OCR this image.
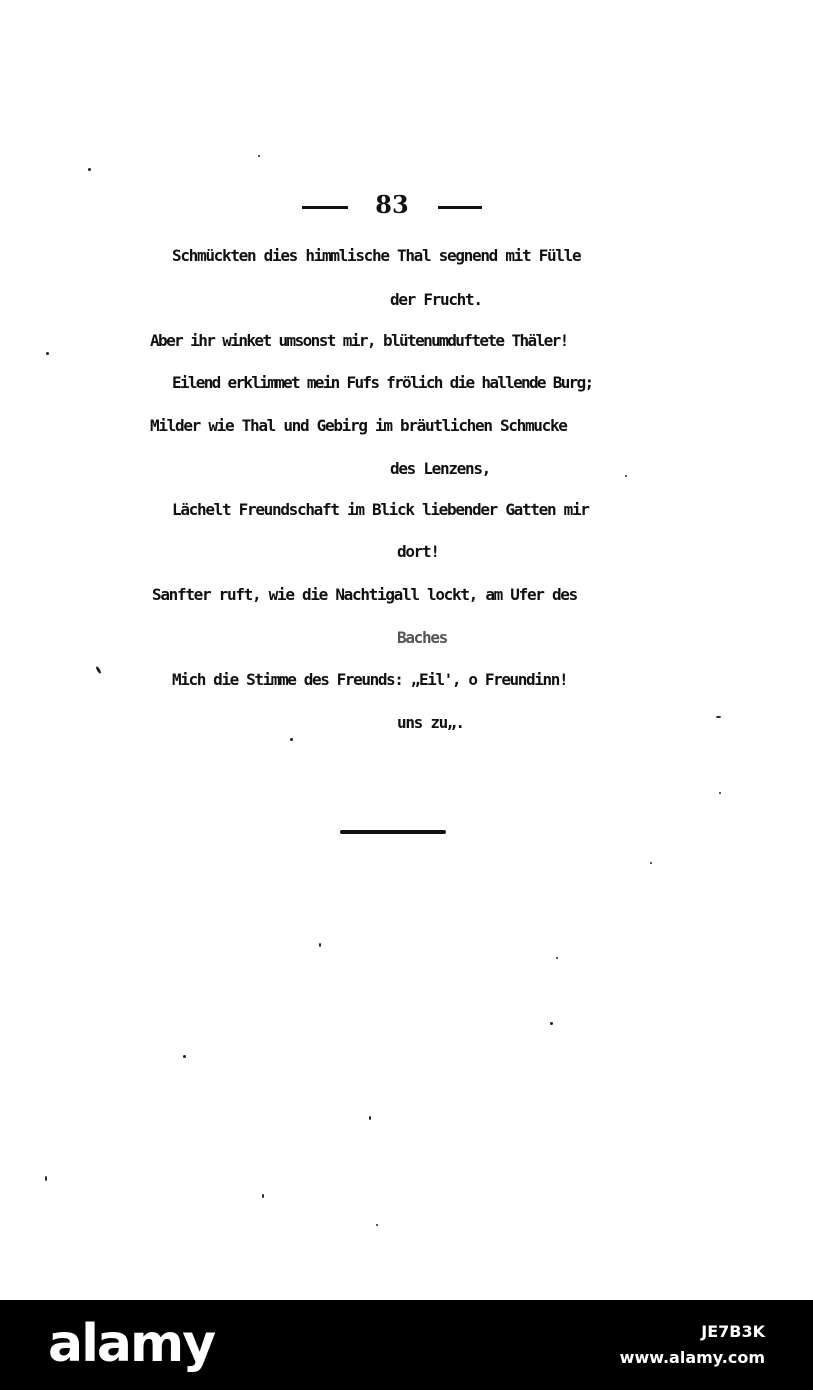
83
Schmückten dies himmlische Thal segnend mit Fülle
der Frucht.
Aber ihr winket umsonst mir, blütenumduftete Thäler!
Eilend erklimmet mein Fufs frölich die hallende Burg;
Milder wie Thal und Gebirg im bräutlichen Schmucke
des Lenzens,
Lächelt Freundschaft im Blick liebender Gatten mir
dort!
Sanfter ruft, wie die Nachtigall lockt, am Ufer des
Baches
Mich die Stimme des Freunds: „Eil', o Freundinn!
uns zu„.
alamy	JE7B3K
www.alamy.com
